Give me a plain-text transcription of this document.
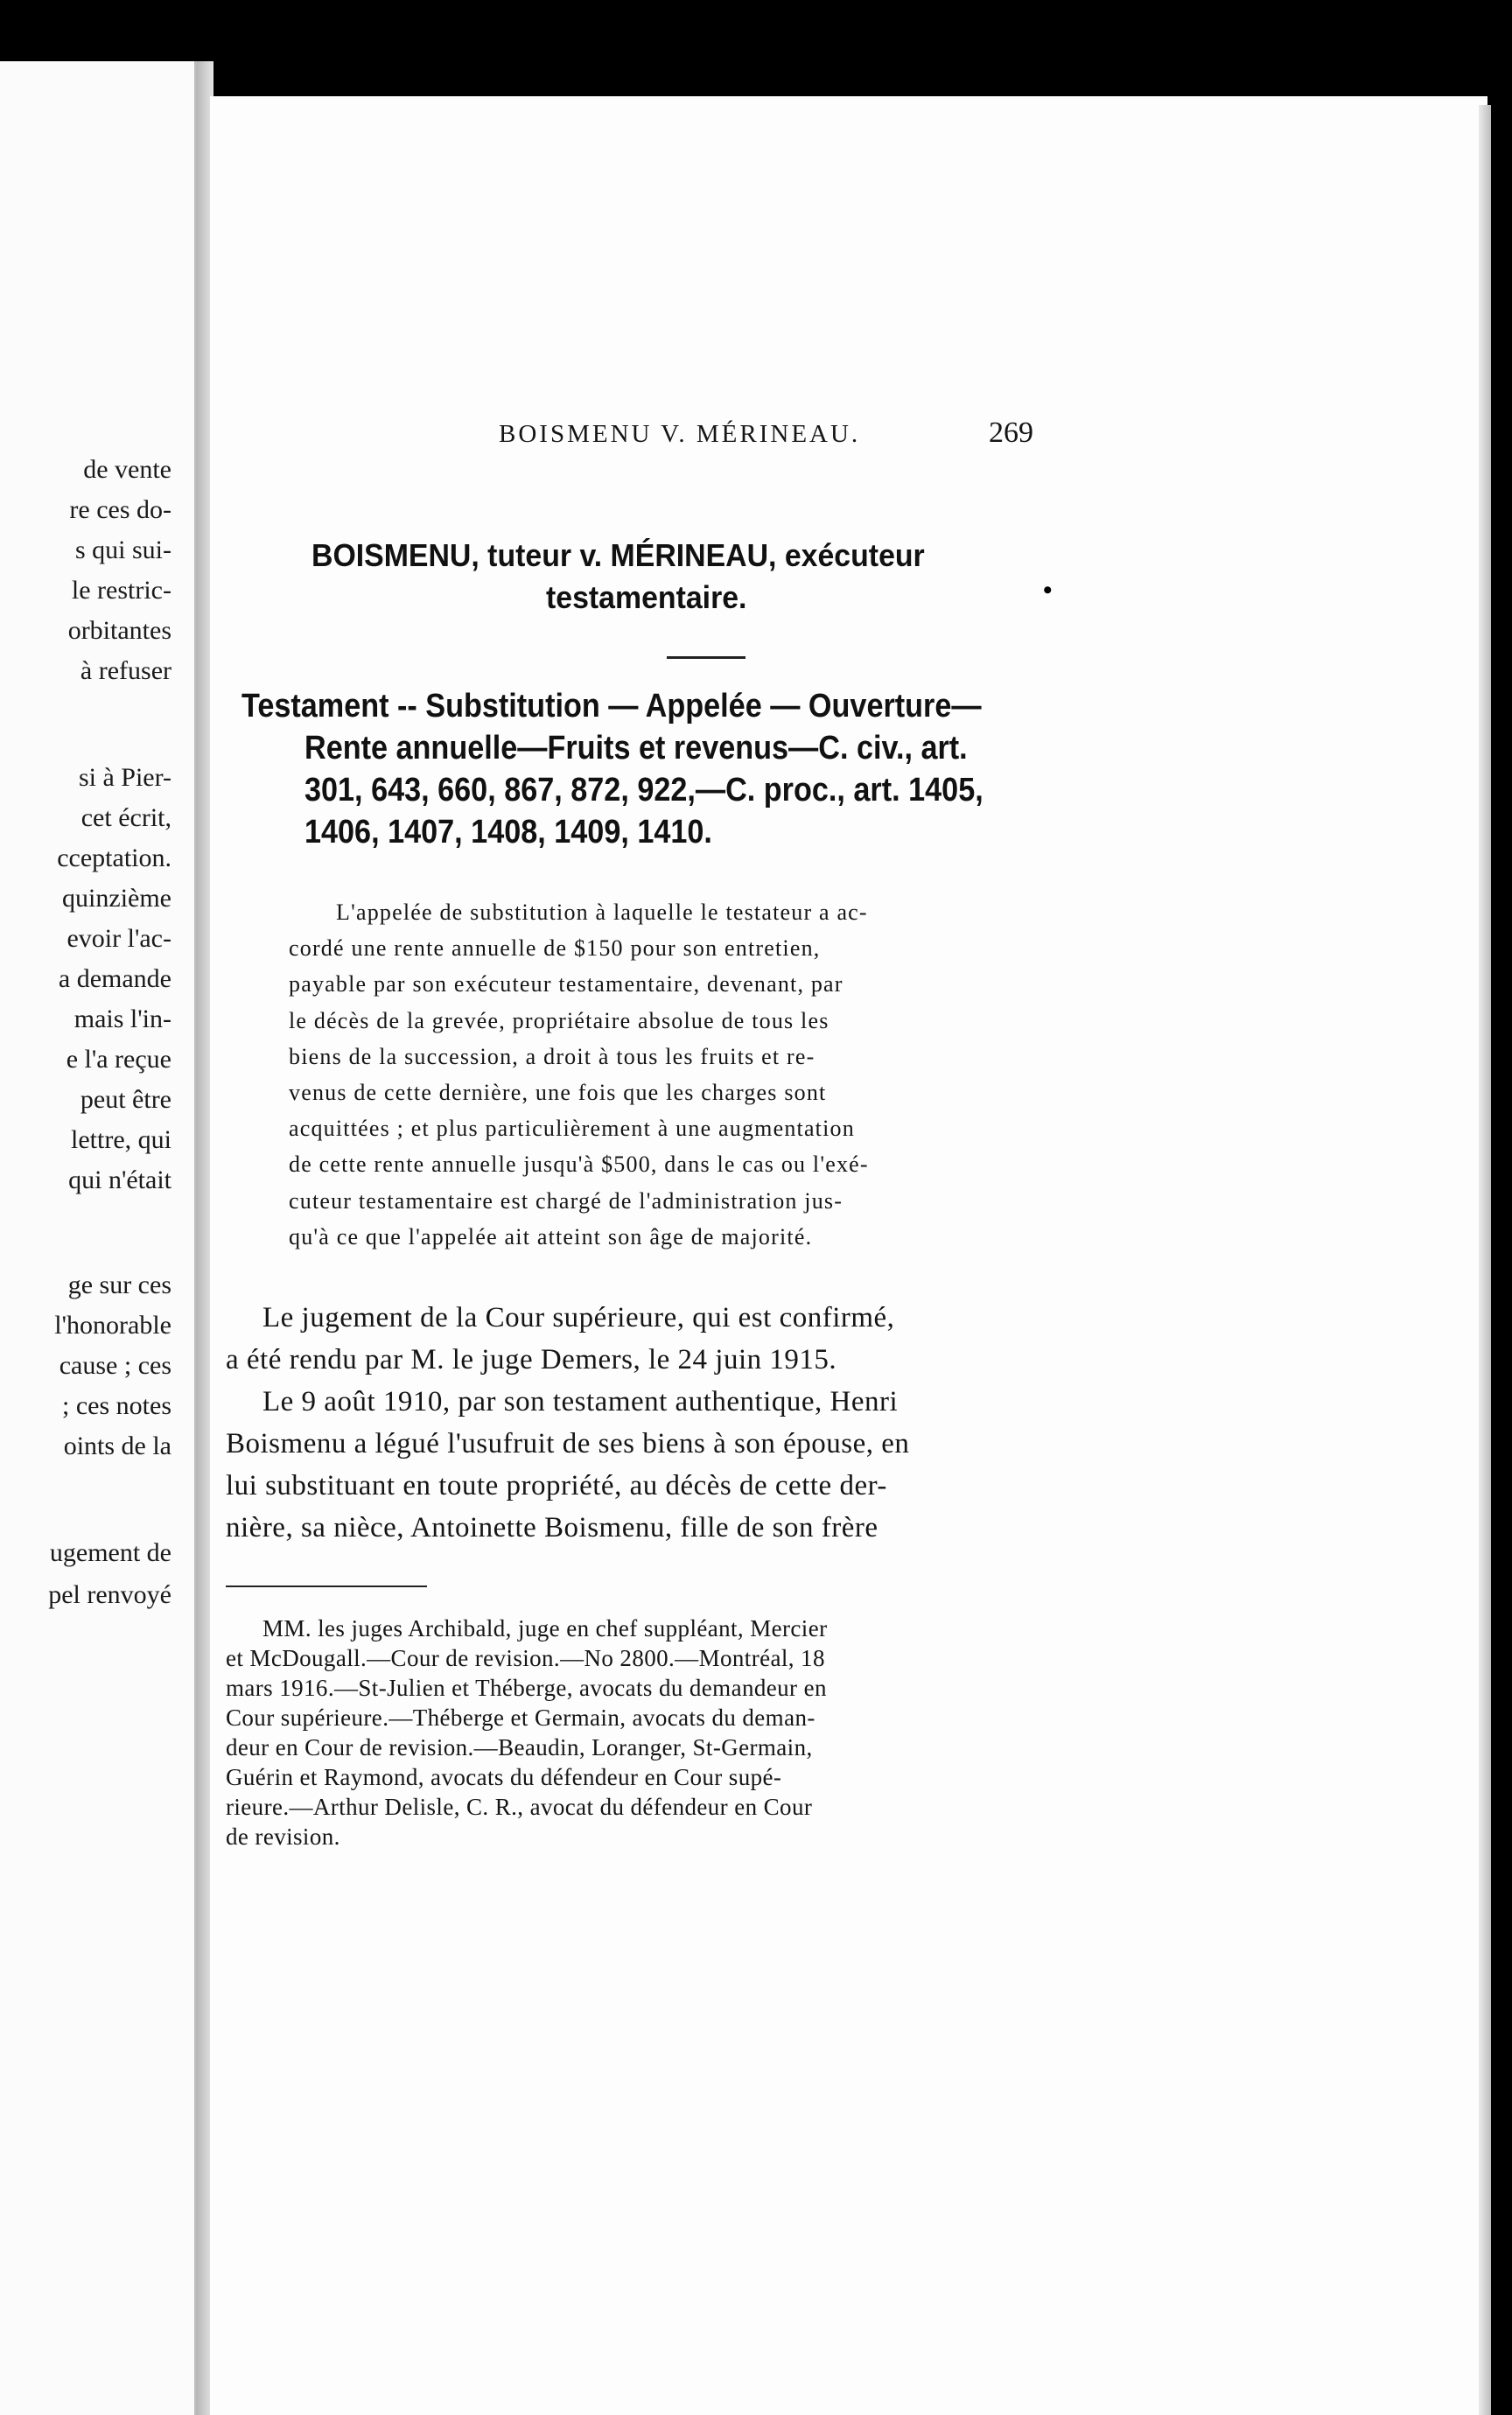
de vente
re ces do-
s qui sui-
le restric-
orbitantes
à refuser
si à Pier-
cet écrit,
cceptation.
quinzième
evoir l'ac-
a demande
mais l'in-
e l'a reçue
peut être
lettre, qui
qui n'était
ge sur ces
l'honorable
cause ; ces
; ces notes
oints de la
ugement de
pel renvoyé
BOISMENU V. MÉRINEAU.	269
BOISMENU, tuteur v. MÉRINEAU, exécuteur
testamentaire.	•
Testament -- Substitution — Appelée — Ouverture—
Rente annuelle—Fruits et revenus—C. civ., art.
301, 643, 660, 867, 872, 922,—C. proc., art. 1405,
1406, 1407, 1408, 1409, 1410.
L'appelée de substitution à laquelle le testateur a ac-
cordé une rente annuelle de $150 pour son entretien,
payable par son exécuteur testamentaire, devenant, par
le décès de la grevée, propriétaire absolue de tous les
biens de la succession, a droit à tous les fruits et re-
venus de cette dernière, une fois que les charges sont
acquittées ; et plus particulièrement à une augmentation
de cette rente annuelle jusqu'à $500, dans le cas ou l'exé-
cuteur testamentaire est chargé de l'administration jus-
qu'à ce que l'appelée ait atteint son âge de majorité.
Le jugement de la Cour supérieure, qui est confirmé,
a été rendu par M. le juge Demers, le 24 juin 1915.
Le 9 août 1910, par son testament authentique, Henri
Boismenu a légué l'usufruit de ses biens à son épouse, en
lui substituant en toute propriété, au décès de cette der-
nière, sa nièce, Antoinette Boismenu, fille de son frère
MM. les juges Archibald, juge en chef suppléant, Mercier
et McDougall.—Cour de revision.—No 2800.—Montréal, 18
mars 1916.—St-Julien et Théberge, avocats du demandeur en
Cour supérieure.—Théberge et Germain, avocats du deman-
deur en Cour de revision.—Beaudin, Loranger, St-Germain,
Guérin et Raymond, avocats du défendeur en Cour supé-
rieure.—Arthur Delisle, C. R., avocat du défendeur en Cour
de revision.
